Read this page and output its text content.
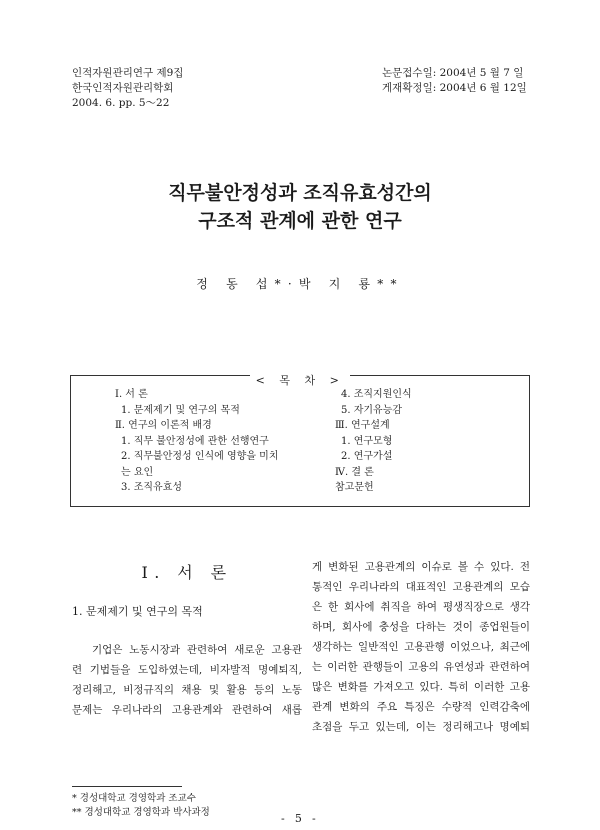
인적자원관리연구 제9집
한국인적자원관리학회
2004. 6. pp. 5～22
논문접수일: 2004년 5 월 7 일
게재확정일: 2004년 6 월 12일
직무불안정성과 조직유효성간의
구조적 관계에 관한 연구
정 동 섭*·박 지 룡**
< 목 차 >
Ⅰ. 서 론
1. 문제제기 및 연구의 목적
Ⅱ. 연구의 이론적 배경
1. 직무 불안정성에 관한 선행연구
2. 직무불안정성 인식에 영향을 미치
는 요인
3. 조직유효성
4. 조직지원인식
5. 자기유능감
Ⅲ. 연구설계
1. 연구모형
2. 연구가설
Ⅳ. 결 론
참고문헌
Ⅰ. 서 론
1. 문제제기 및 연구의 목적
기업은 노동시장과 관련하여 새로운 고용관
련 기법들을 도입하였는데, 비자발적 명예퇴직,
정리해고, 비정규직의 채용 및 활용 등의 노동
문제는 우리나라의 고용관계와 관련하여 새롭
게 변화된 고용관계의 이슈로 볼 수 있다. 전
통적인 우리나라의 대표적인 고용관계의 모습
은 한 회사에 취직을 하여 평생직장으로 생각
하며, 회사에 충성을 다하는 것이 종업원들이
생각하는 일반적인 고용관행 이었으나, 최근에
는 이러한 관행들이 고용의 유연성과 관련하여
많은 변화를 가져오고 있다. 특히 이러한 고용
관계 변화의 주요 특징은 수량적 인력감축에
초점을 두고 있는데, 이는 정리해고나 명예퇴
* 경성대학교 경영학과 조교수
** 경성대학교 경영학과 박사과정	- 5 -
